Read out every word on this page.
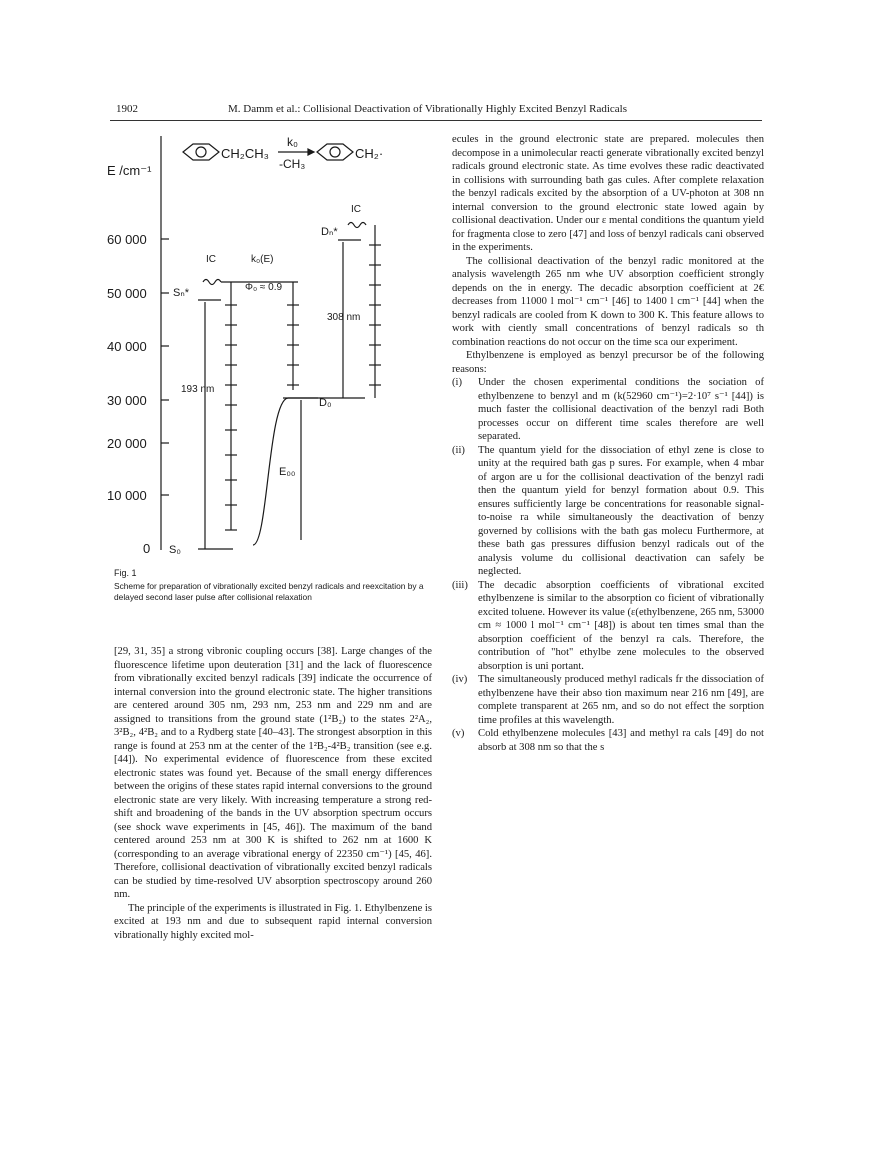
1902	M. Damm et al.: Collisional Deactivation of Vibrationally Highly Excited Benzyl Radicals
E /cm⁻¹
60 000
50 000
40 000
30 000
20 000
10 000
0
CH₂CH₃
k₀
-CH₃
CH₂·
S₀
Sₙ*
Dₙ*
193 nm
IC	k₀(E)
Φ₀ ≈ 0.9
D₀
E₀₀
308 nm
IC
Fig. 1
Scheme for preparation of vibrationally excited benzyl radicals and reexcitation by a delayed second laser pulse after collisional relaxation

[29, 31, 35] a strong vibronic coupling occurs [38]. Large changes of the fluorescence lifetime upon deuteration [31] and the lack of fluorescence from vibrationally excited benzyl radicals [39] indicate the occurrence of internal conversion into the ground electronic state. The higher transitions are centered around 305 nm, 293 nm, 253 nm and 229 nm and are assigned to transitions from the ground state (1²B₂) to the states 2²A₂, 3²B₂, 4²B₂ and to a Rydberg state [40–43]. The strongest absorption in this range is found at 253 nm at the center of the 1²B₂-4²B₂ transition (see e.g. [44]). No experimental evidence of fluorescence from these excited electronic states was found yet. Because of the small energy differences between the origins of these states rapid internal conversions to the ground electronic state are very likely. With increasing temperature a strong red-shift and broadening of the bands in the UV absorption spectrum occurs (see shock wave experiments in [45, 46]). The maximum of the band centered around 253 nm at 300 K is shifted to 262 nm at 1600 K (corresponding to an average vibrational energy of 22350 cm⁻¹) [45, 46]. Therefore, collisional deactivation of vibrationally excited benzyl radicals can be studied by time-resolved UV absorption spectroscopy around 260 nm.

The principle of the experiments is illustrated in Fig. 1. Ethylbenzene is excited at 193 nm and due to subsequent rapid internal conversion vibrationally highly excited mol-

ecules in the ground electronic state are prepared. molecules then decompose in a unimolecular reacti generate vibrationally excited benzyl radicals ground electronic state. As time evolves these radic deactivated in collisions with surrounding bath gas cules. After complete relaxation the benzyl radicals excited by the absorption of a UV-photon at 308 nn internal conversion to the ground electronic state lowed again by collisional deactivation. Under our ε mental conditions the quantum yield for fragmenta close to zero [47] and loss of benzyl radicals cani observed in the experiments.

The collisional deactivation of the benzyl radic monitored at the analysis wavelength 265 nm whe UV absorption coefficient strongly depends on the in energy. The decadic absorption coefficient at 2€ decreases from 11000 l mol⁻¹ cm⁻¹ [46] to 1400 l cm⁻¹ [44] when the benzyl radicals are cooled from K down to 300 K. This feature allows to work with ciently small concentrations of benzyl radicals so th combination reactions do not occur on the time sca our experiment.

Ethylbenzene is employed as benzyl precursor be of the following reasons:

(i)	Under the chosen experimental conditions the sociation of ethylbenzene to benzyl and m (k(52960 cm⁻¹)=2·10⁷ s⁻¹ [44]) is much faster the collisional deactivation of the benzyl radi Both processes occur on different time scales therefore are well separated.
(ii)	The quantum yield for the dissociation of ethyl zene is close to unity at the required bath gas p sures. For example, when 4 mbar of argon are u for the collisional deactivation of the benzyl radi then the quantum yield for benzyl formation about 0.9. This ensures sufficiently large be concentrations for reasonable signal-to-noise ra while simultaneously the deactivation of benzy governed by collisions with the bath gas molecu Furthermore, at these bath gas pressures diffusion benzyl radicals out of the analysis volume du collisional deactivation can safely be neglected.
(iii) The decadic absorption coefficients of vibrational excited ethylbenzene is similar to the absorption co ficient of vibrationally excited toluene. However its value (ε(ethylbenzene, 265 nm, 53000 cm ≈ 1000 l mol⁻¹ cm⁻¹ [48]) is about ten times smal than the absorption coefficient of the benzyl ra cals. Therefore, the contribution of "hot" ethylbe zene molecules to the observed absorption is uni portant.
(iv)	The simultaneously produced methyl radicals fr the dissociation of ethylbenzene have their abso tion maximum near 216 nm [49], are complete transparent at 265 nm, and so do not effect the sorption time profiles at this wavelength.
(v)	Cold ethylbenzene molecules [43] and methyl ra cals [49] do not absorb at 308 nm so that the s
